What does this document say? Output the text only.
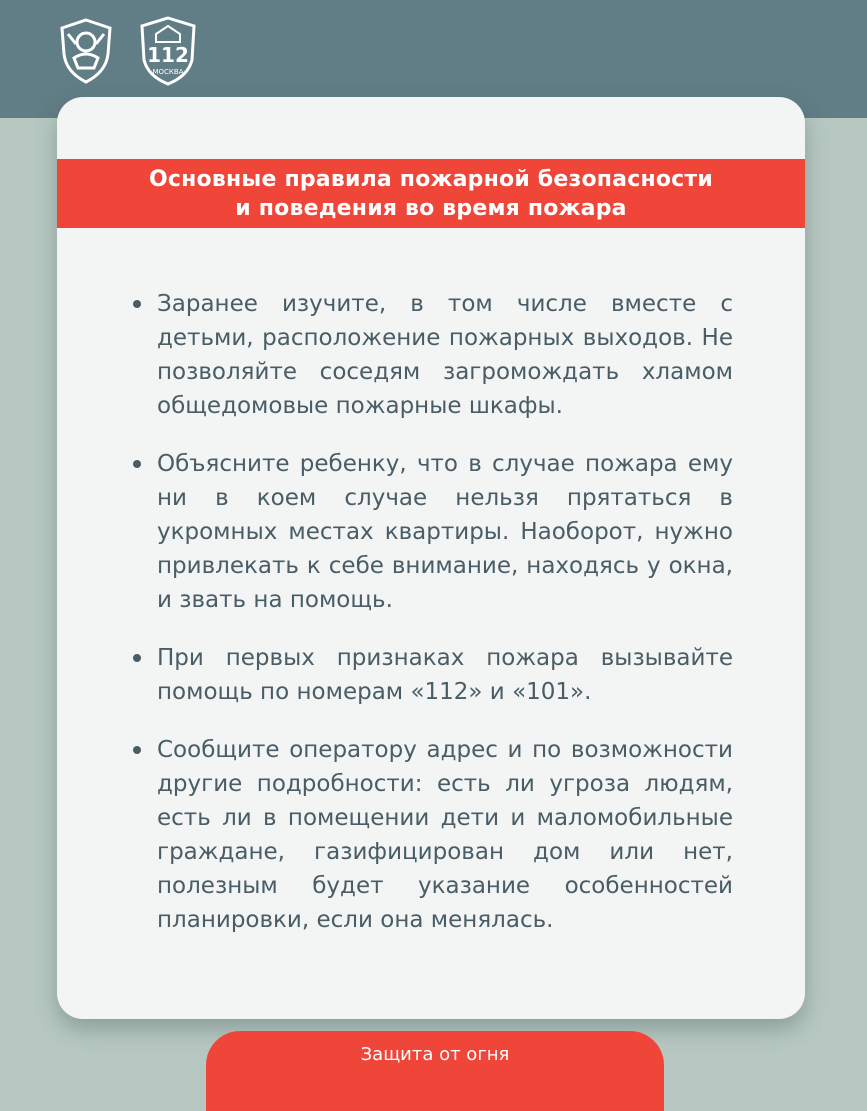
112
МОСКВА
Основные правила пожарной безопасности
и поведения во время пожара
Заранее изучите, в том числе вместе с детьми, расположение пожарных выходов. Не позволяйте соседям загромождать хламом общедомовые пожарные шкафы.
Объясните ребенку, что в случае пожара ему ни в коем случае нельзя прятаться в укромных местах квартиры. Наоборот, нужно привлекать к себе внимание, находясь у окна, и звать на помощь.
При первых признаках пожара вызывайте помощь по номерам «112» и «101».
Сообщите оператору адрес и по возможности другие подробности: есть ли угроза людям, есть ли в помещении дети и маломобильные граждане, газифицирован дом или нет, полезным будет указание особенностей планировки, если она менялась.
Защита от огня
